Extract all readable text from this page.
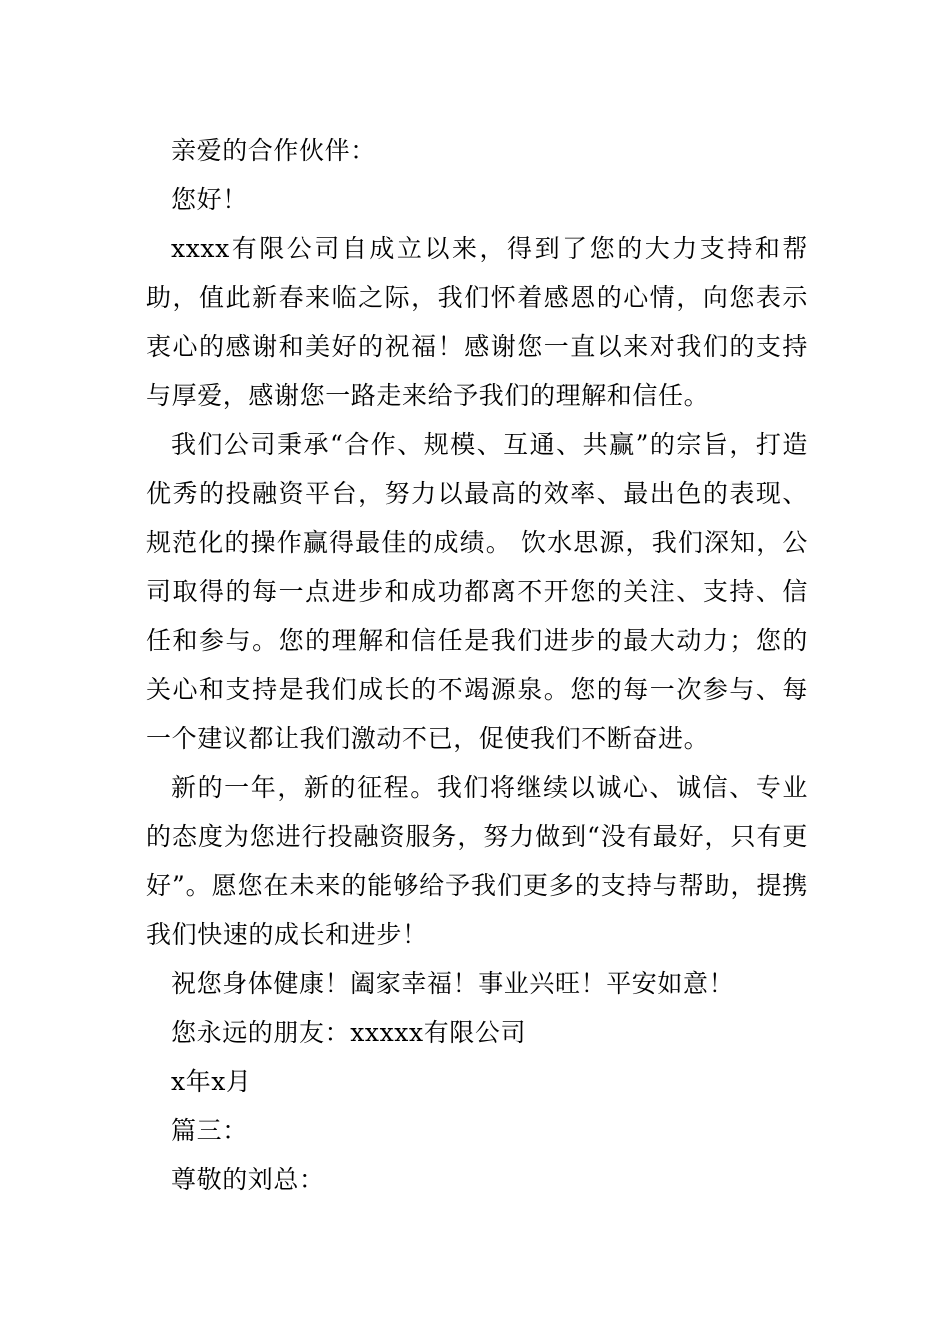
亲爱的合作伙伴：

您好！

xxxx有限公司自成立以来，得到了您的大力支持和帮助，值此新春来临之际，我们怀着感恩的心情，向您表示衷心的感谢和美好的祝福！感谢您一直以来对我们的支持与厚爱，感谢您一路走来给予我们的理解和信任。

我们公司秉承“合作、规模、互通、共赢”的宗旨，打造优秀的投融资平台，努力以最高的效率、最出色的表现、规范化的操作赢得最佳的成绩。 饮水思源，我们深知，公司取得的每一点进步和成功都离不开您的关注、支持、信任和参与。您的理解和信任是我们进步的最大动力；您的关心和支持是我们成长的不竭源泉。您的每一次参与、每一个建议都让我们激动不已，促使我们不断奋进。

新的一年，新的征程。我们将继续以诚心、诚信、专业的态度为您进行投融资服务，努力做到“没有最好，只有更好”。愿您在未来的能够给予我们更多的支持与帮助，提携我们快速的成长和进步！

祝您身体健康！阖家幸福！事业兴旺！平安如意！

您永远的朋友：xxxxx有限公司

x年x月

篇三：

尊敬的刘总：
